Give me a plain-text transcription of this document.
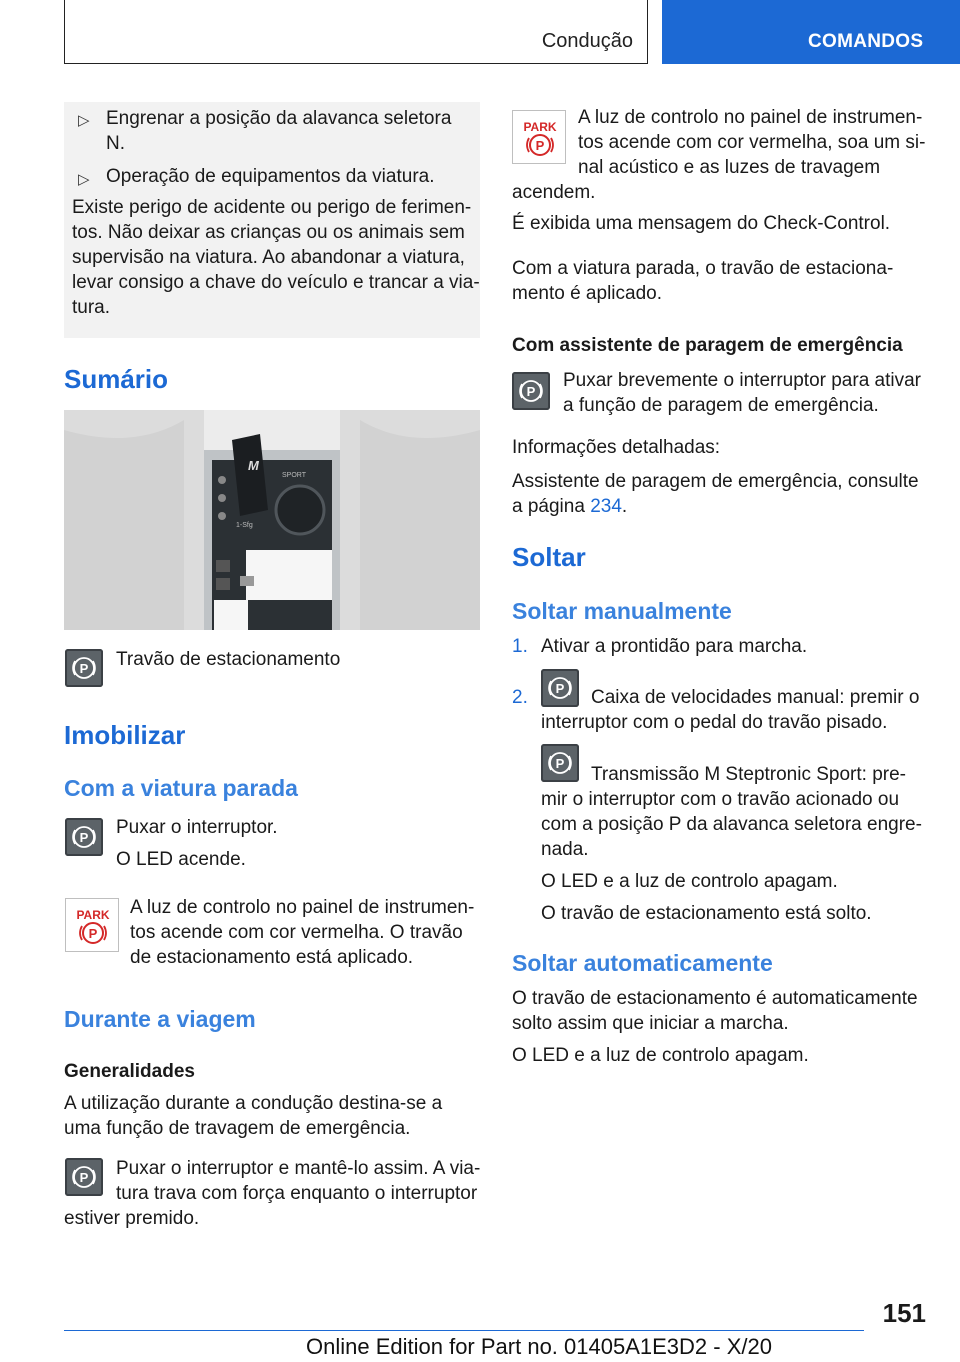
Condução	COMANDOS
▷ Engrenar a posição da alavanca seletora
N.
▷ Operação de equipamentos da viatura.
Existe perigo de acidente ou perigo de ferimen-
tos. Não deixar as crianças ou os animais sem
supervisão na viatura. Ao abandonar a viatura,
levar consigo a chave do veículo e trancar a via-
tura.
Sumário
M
SPORT
1-Sfg
P Travão de estacionamento
Imobilizar
Com a viatura parada
P Puxar o interruptor.
O LED acende.
PARK
P
A luz de controlo no painel de instrumen-
tos acende com cor vermelha. O travão
de estacionamento está aplicado.
Durante a viagem
Generalidades
A utilização durante a condução destina-se a
uma função de travagem de emergência.
P Puxar o interruptor e mantê-lo assim. A via-
tura trava com força enquanto o interruptor
estiver premido.
PARK
P
A luz de controlo no painel de instrumen-
tos acende com cor vermelha, soa um si-
nal acústico e as luzes de travagem
acendem.
É exibida uma mensagem do Check-Control.
Com a viatura parada, o travão de estaciona-
mento é aplicado.
Com assistente de paragem de emergência
P
Puxar brevemente o interruptor para ativar
a função de paragem de emergência.
Informações detalhadas:
Assistente de paragem de emergência, consulte
a página 234.
Soltar
Soltar manualmente
1. Ativar a prontidão para marcha.
2. P Caixa de velocidades manual: premir o
interruptor com o pedal do travão pisado.
P
Transmissão M Steptronic Sport: pre-
mir o interruptor com o travão acionado ou
com a posição P da alavanca seletora engre-
nada.
O LED e a luz de controlo apagam.
O travão de estacionamento está solto.
Soltar automaticamente
O travão de estacionamento é automaticamente
solto assim que iniciar a marcha.
O LED e a luz de controlo apagam.
151
Online Edition for Part no. 01405A1E3D2 - X/20
